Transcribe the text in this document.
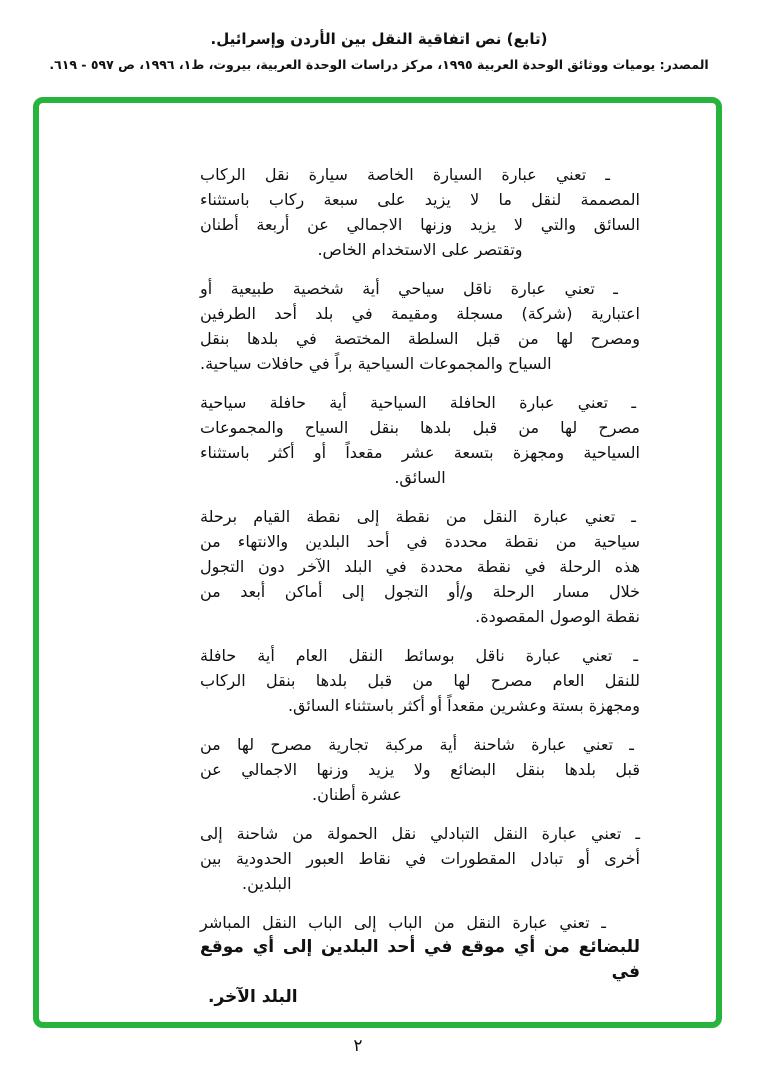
(تابع) نص اتفاقية النقل بين الأردن وإسرائيل.
المصدر: يوميات ووثائق الوحدة العربية ١٩٩٥، مركز دراسات الوحدة العربية، بيروت، ط١، ١٩٩٦، ص ٥٩٧ - ٦١٩.
ـ تعني عبارة السيارة الخاصة سيارة نقل الركاب
المصممة لنقل ما لا يزيد على سبعة ركاب باستثناء
السائق والتي لا يزيد وزنها الاجمالي عن أربعة أطنان
وتقتصر على الاستخدام الخاص.
ـ تعني عبارة ناقل سياحي أية شخصية طبيعية أو
اعتبارية (شركة) مسجلة ومقيمة في بلد أحد الطرفين
ومصرح لها من قبل السلطة المختصة في بلدها بنقل
السياح والمجموعات السياحية براً في حافلات سياحية.
ـ تعني عبارة الحافلة السياحية أية حافلة سياحية
مصرح لها من قبل بلدها بنقل السياح والمجموعات
السياحية ومجهزة بتسعة عشر مقعداً أو أكثر باستثناء
السائق.
ـ تعني عبارة النقل من نقطة إلى نقطة القيام برحلة
سياحية من نقطة محددة في أحد البلدين والانتهاء من
هذه الرحلة في نقطة محددة في البلد الآخر دون التجول
خلال مسار الرحلة و/أو التجول إلى أماكن أبعد من
نقطة الوصول المقصودة.
ـ تعني عبارة ناقل بوسائط النقل العام أية حافلة
للنقل العام مصرح لها من قبل بلدها بنقل الركاب
ومجهزة بستة وعشرين مقعداً أو أكثر باستثناء السائق.
ـ تعني عبارة شاحنة أية مركبة تجارية مصرح لها من
قبل بلدها بنقل البضائع ولا يزيد وزنها الاجمالي عن
عشرة أطنان.
ـ تعني عبارة النقل التبادلي نقل الحمولة من شاحنة إلى
أخرى أو تبادل المقطورات في نقاط العبور الحدودية بين
البلدين.
ـ تعني عبارة النقل من الباب إلى الباب النقل المباشر
للبضائع من أي موقع في أحد البلدين إلى أي موقع في
البلد الآخر.
٢
